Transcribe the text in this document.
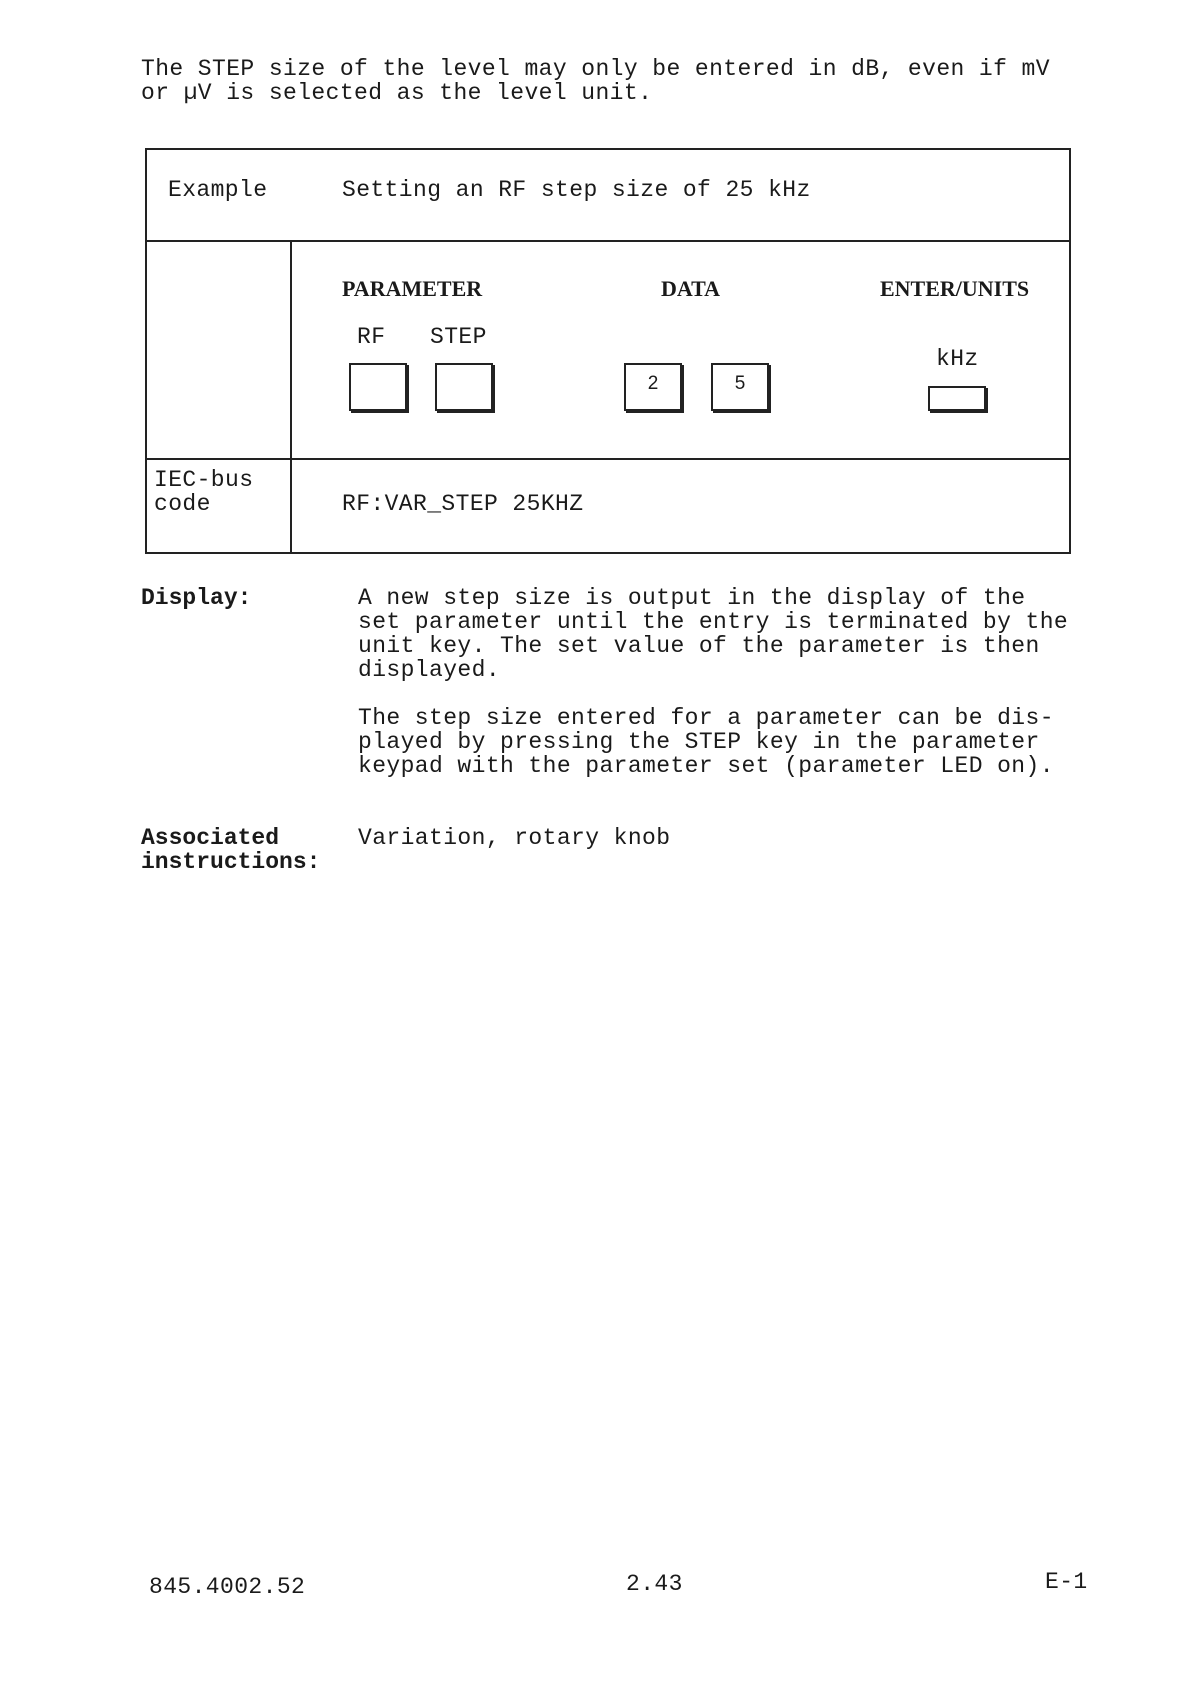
The STEP size of the level may only be entered in dB, even if mV
or µV is selected as the level unit.
Example	Setting an RF step size of 25 kHz
PARAMETER	DATA	ENTER/UNITS
RF STEP
2	5
kHz
IEC-bus
code	RF:VAR_STEP 25KHZ
Display:	A new step size is output in the display of the
set parameter until the entry is terminated by the
unit key. The set value of the parameter is then
displayed.
The step size entered for a parameter can be dis-
played by pressing the STEP key in the parameter
keypad with the parameter set (parameter LED on).
Associated
instructions:
Variation, rotary knob
845.4002.52	2.43	E-1
